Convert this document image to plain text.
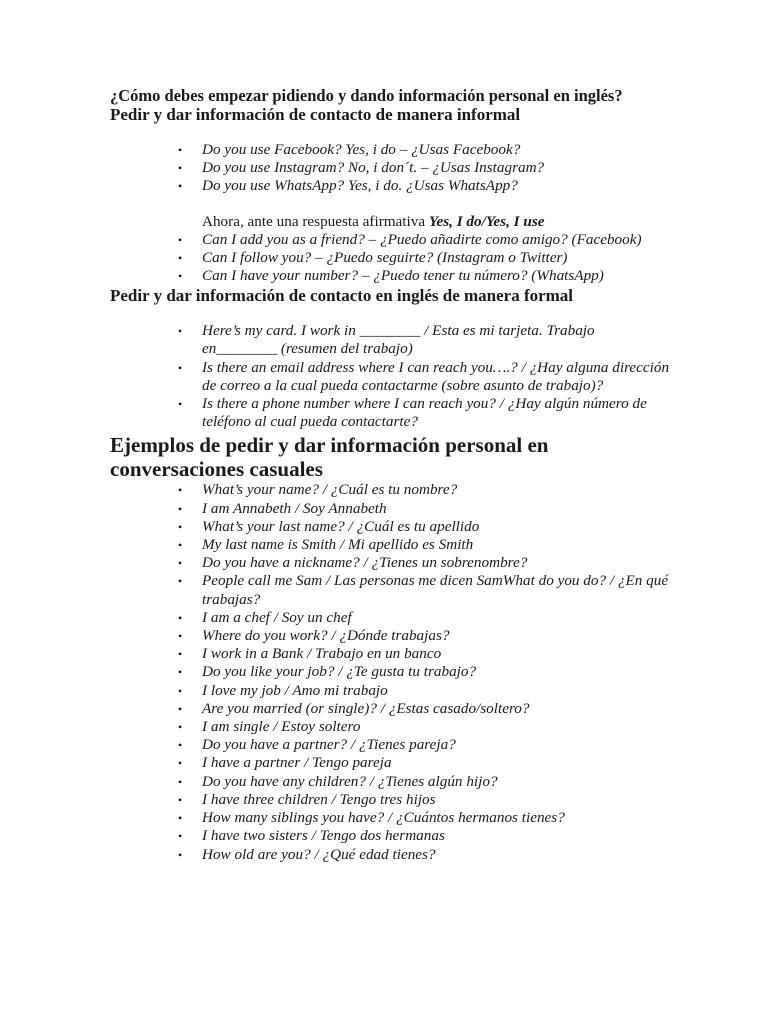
¿Cómo debes empezar pidiendo y dando información personal en inglés?

Pedir y dar información de contacto de manera informal

• Do you use Facebook? Yes, i do – ¿Usas Facebook?
• Do you use Instagram? No, i don´t. – ¿Usas Instagram?
• Do you use WhatsApp? Yes, i do. ¿Usas WhatsApp?
Ahora, ante una respuesta afirmativa Yes, I do/Yes, I use
• Can I add you as a friend? – ¿Puedo añadirte como amigo? (Facebook)
• Can I follow you? – ¿Puedo seguirte? (Instagram o Twitter)
• Can I have your number? – ¿Puedo tener tu número? (WhatsApp)

Pedir y dar información de contacto en inglés de manera formal

• Here’s my card. I work in ________ / Esta es mi tarjeta. Trabajo en________ (resumen del trabajo)
• Is there an email address where I can reach you….? / ¿Hay alguna dirección de correo a la cual pueda contactarme (sobre asunto de trabajo)?
• Is there a phone number where I can reach you? / ¿Hay algún número de teléfono al cual pueda contactarte?

Ejemplos de pedir y dar información personal en conversaciones casuales

• What’s your name? / ¿Cuál es tu nombre?
• I am Annabeth / Soy Annabeth
• What’s your last name? / ¿Cuál es tu apellido
• My last name is Smith / Mi apellido es Smith
• Do you have a nickname? / ¿Tienes un sobrenombre?
• People call me Sam / Las personas me dicen SamWhat do you do? / ¿En qué trabajas?
• I am a chef / Soy un chef
• Where do you work? / ¿Dónde trabajas?
• I work in a Bank / Trabajo en un banco
• Do you like your job? / ¿Te gusta tu trabajo?
• I love my job / Amo mi trabajo
• Are you married (or single)? / ¿Estas casado/soltero?
• I am single / Estoy soltero
• Do you have a partner? / ¿Tienes pareja?
• I have a partner / Tengo pareja
• Do you have any children? / ¿Tienes algún hijo?
• I have three children / Tengo tres hijos
• How many siblings you have? / ¿Cuántos hermanos tienes?
• I have two sisters / Tengo dos hermanas
• How old are you? / ¿Qué edad tienes?
